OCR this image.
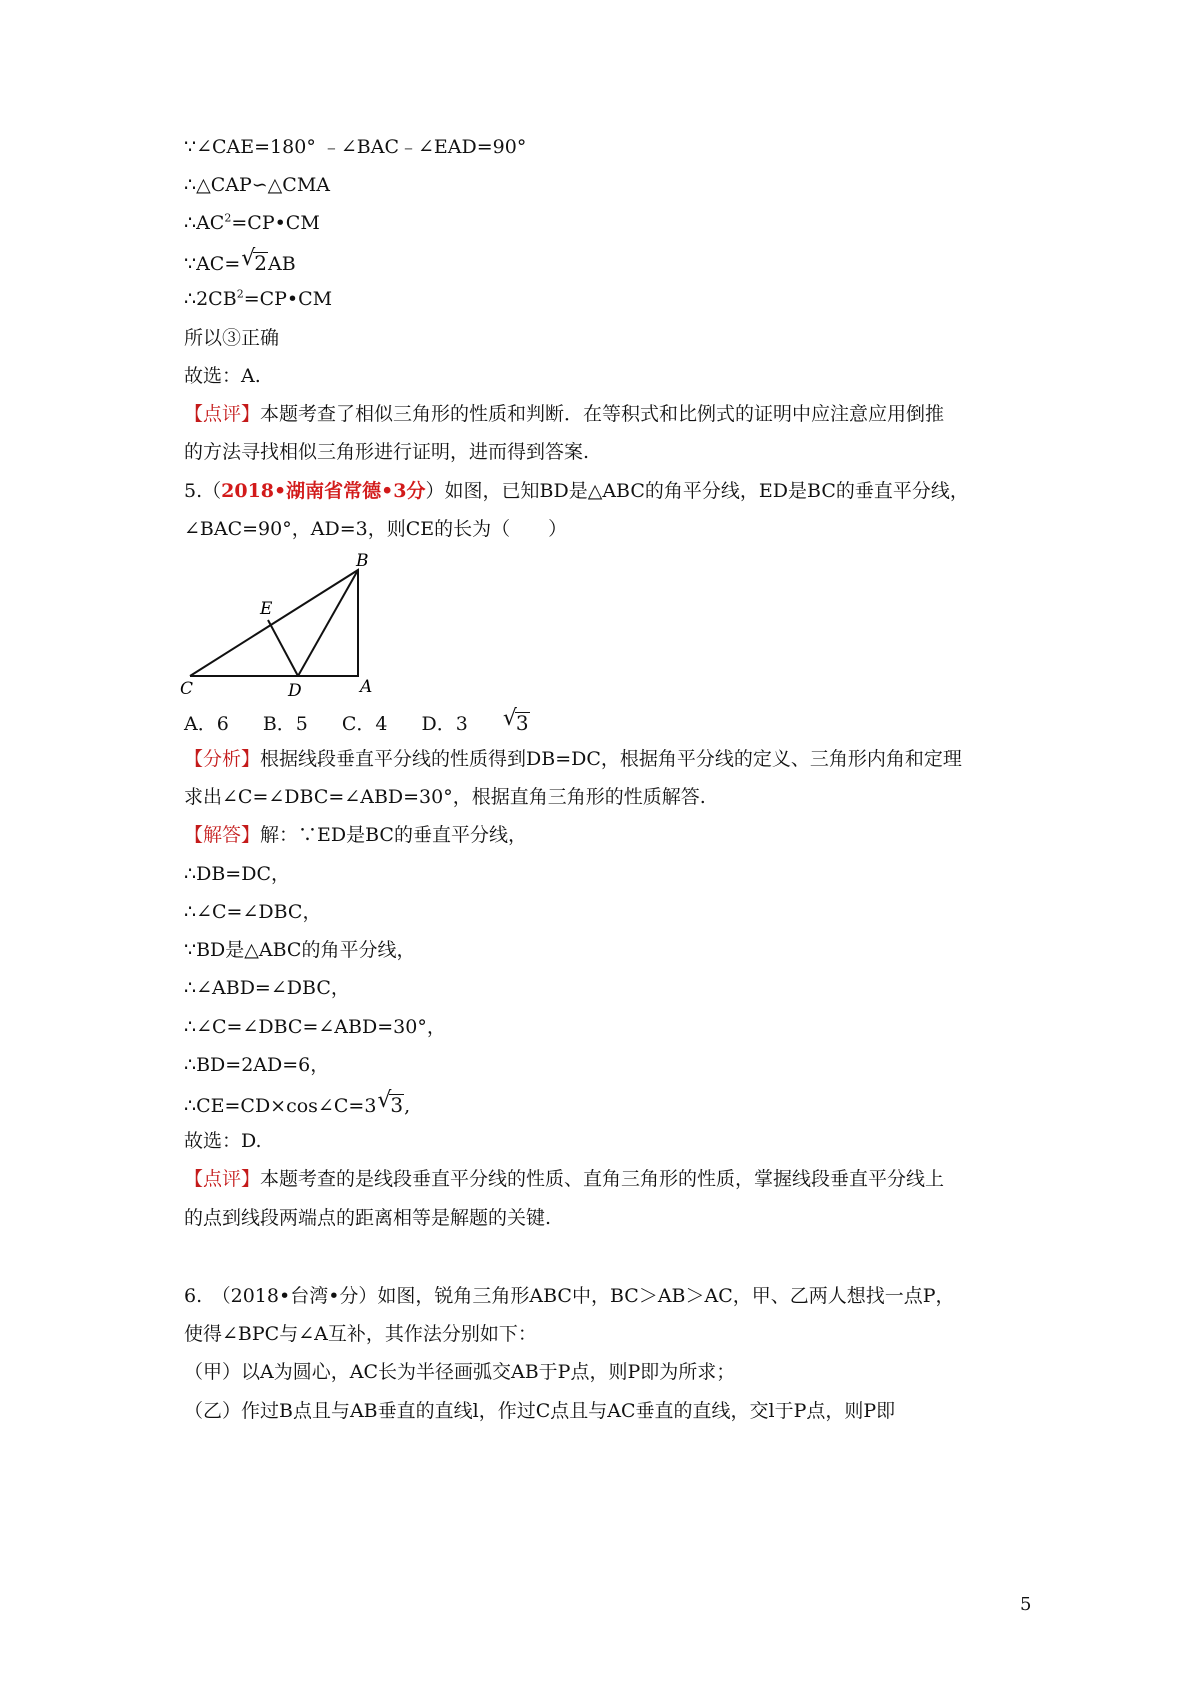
∵∠CAE=180° ﹣∠BAC﹣∠EAD=90°
∴△CAP∽△CMA
$\therefore AC^2=CP•CM$
∵AC= √
2AB
$\therefore 2CB^2=CP•CM$
所以③正确
故选：A.
【点评】本题考查了相似三角形的性质和判断．在等积式和比例式的证明中应注意应用倒推
的方法寻找相似三角形进行证明，进而得到答案.
5.（2018•湖南省常德•3分）如图，已知BD是△ABC的角平分线，ED是BC的垂直平分线，
∠BAC=90°，AD=3，则CE的长为（　　）
B
E
C	D	A
A．6 B．5 C．4 D．3 √
3
【分析】根据线段垂直平分线的性质得到DB=DC，根据角平分线的定义、三角形内角和定理
求出∠C=∠DBC=∠ABD=30°，根据直角三角形的性质解答.
【解答】解：∵ED是BC的垂直平分线，
∴DB=DC，
∴∠C=∠DBC，
∵BD是△ABC的角平分线，
∴∠ABD=∠DBC，
∴∠C=∠DBC=∠ABD=30°，
∴BD=2AD=6，
∴CE=CD×cos∠C=3 √
3,
故选：D.
【点评】本题考查的是线段垂直平分线的性质、直角三角形的性质，掌握线段垂直平分线上
的点到线段两端点的距离相等是解题的关键.
6.　（2018•台湾•分）如图，锐角三角形ABC中，BC＞AB＞AC，甲、乙两人想找一点P，
使得∠BPC与∠A互补，其作法分别如下：
（甲）以A为圆心，AC长为半径画弧交AB于P点，则P即为所求；
（乙）作过B点且与AB垂直的直线l，作过C点且与AC垂直的直线，交l于P点，则P即
5
